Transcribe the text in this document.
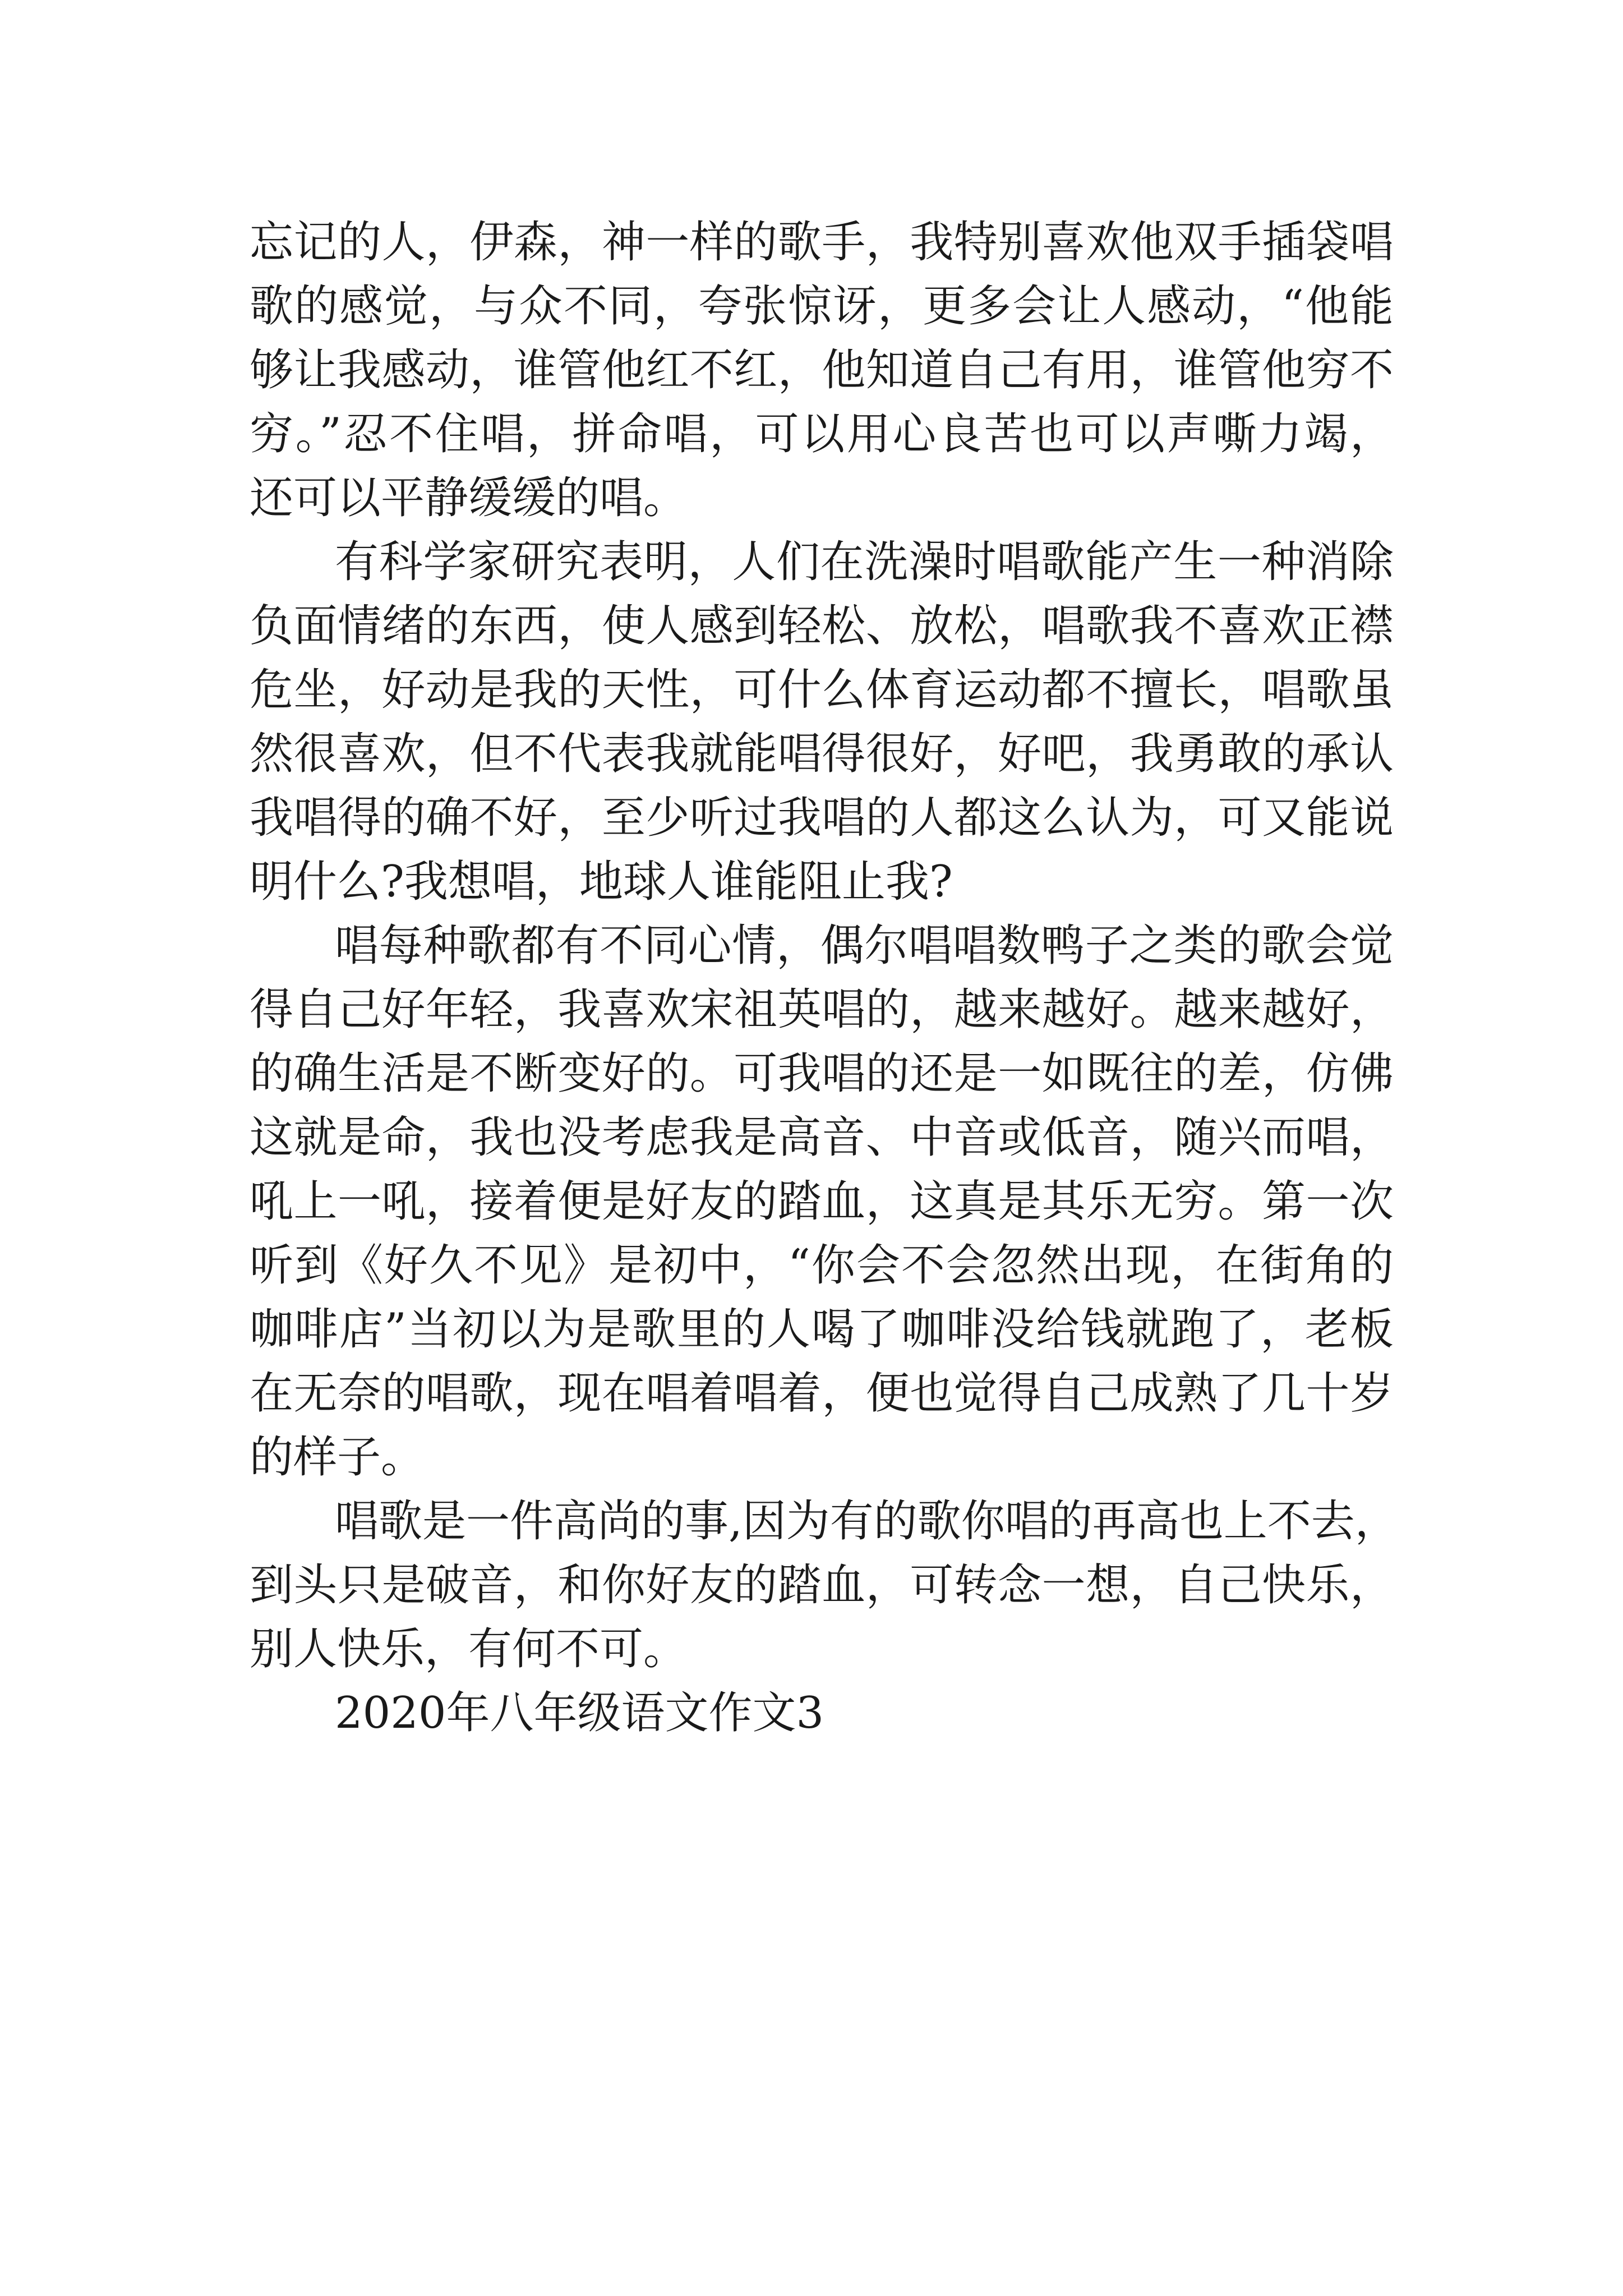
忘记的人，伊森，神一样的歌手，我特别喜欢他双手插袋唱
歌的感觉，与众不同，夸张惊讶，更多会让人感动，“他能
够让我感动，谁管他红不红，他知道自己有用，谁管他穷不
穷。”忍不住唱，拼命唱，可以用心良苦也可以声嘶力竭，
还可以平静缓缓的唱。
有科学家研究表明，人们在洗澡时唱歌能产生一种消除
负面情绪的东西，使人感到轻松、放松，唱歌我不喜欢正襟
危坐，好动是我的天性，可什么体育运动都不擅长，唱歌虽
然很喜欢，但不代表我就能唱得很好，好吧，我勇敢的承认
我唱得的确不好，至少听过我唱的人都这么认为，可又能说
明什么?我想唱，地球人谁能阻止我?
唱每种歌都有不同心情，偶尔唱唱数鸭子之类的歌会觉
得自己好年轻，我喜欢宋祖英唱的，越来越好。越来越好，
的确生活是不断变好的。可我唱的还是一如既往的差，仿佛
这就是命，我也没考虑我是高音、中音或低音，随兴而唱，
吼上一吼，接着便是好友的踏血，这真是其乐无穷。第一次
听到《好久不见》是初中，“你会不会忽然出现，在街角的
咖啡店”当初以为是歌里的人喝了咖啡没给钱就跑了，老板
在无奈的唱歌，现在唱着唱着，便也觉得自己成熟了几十岁
的样子。
唱歌是一件高尚的事,因为有的歌你唱的再高也上不去，
到头只是破音，和你好友的踏血，可转念一想，自己快乐，
别人快乐，有何不可。
2020年八年级语文作文3
